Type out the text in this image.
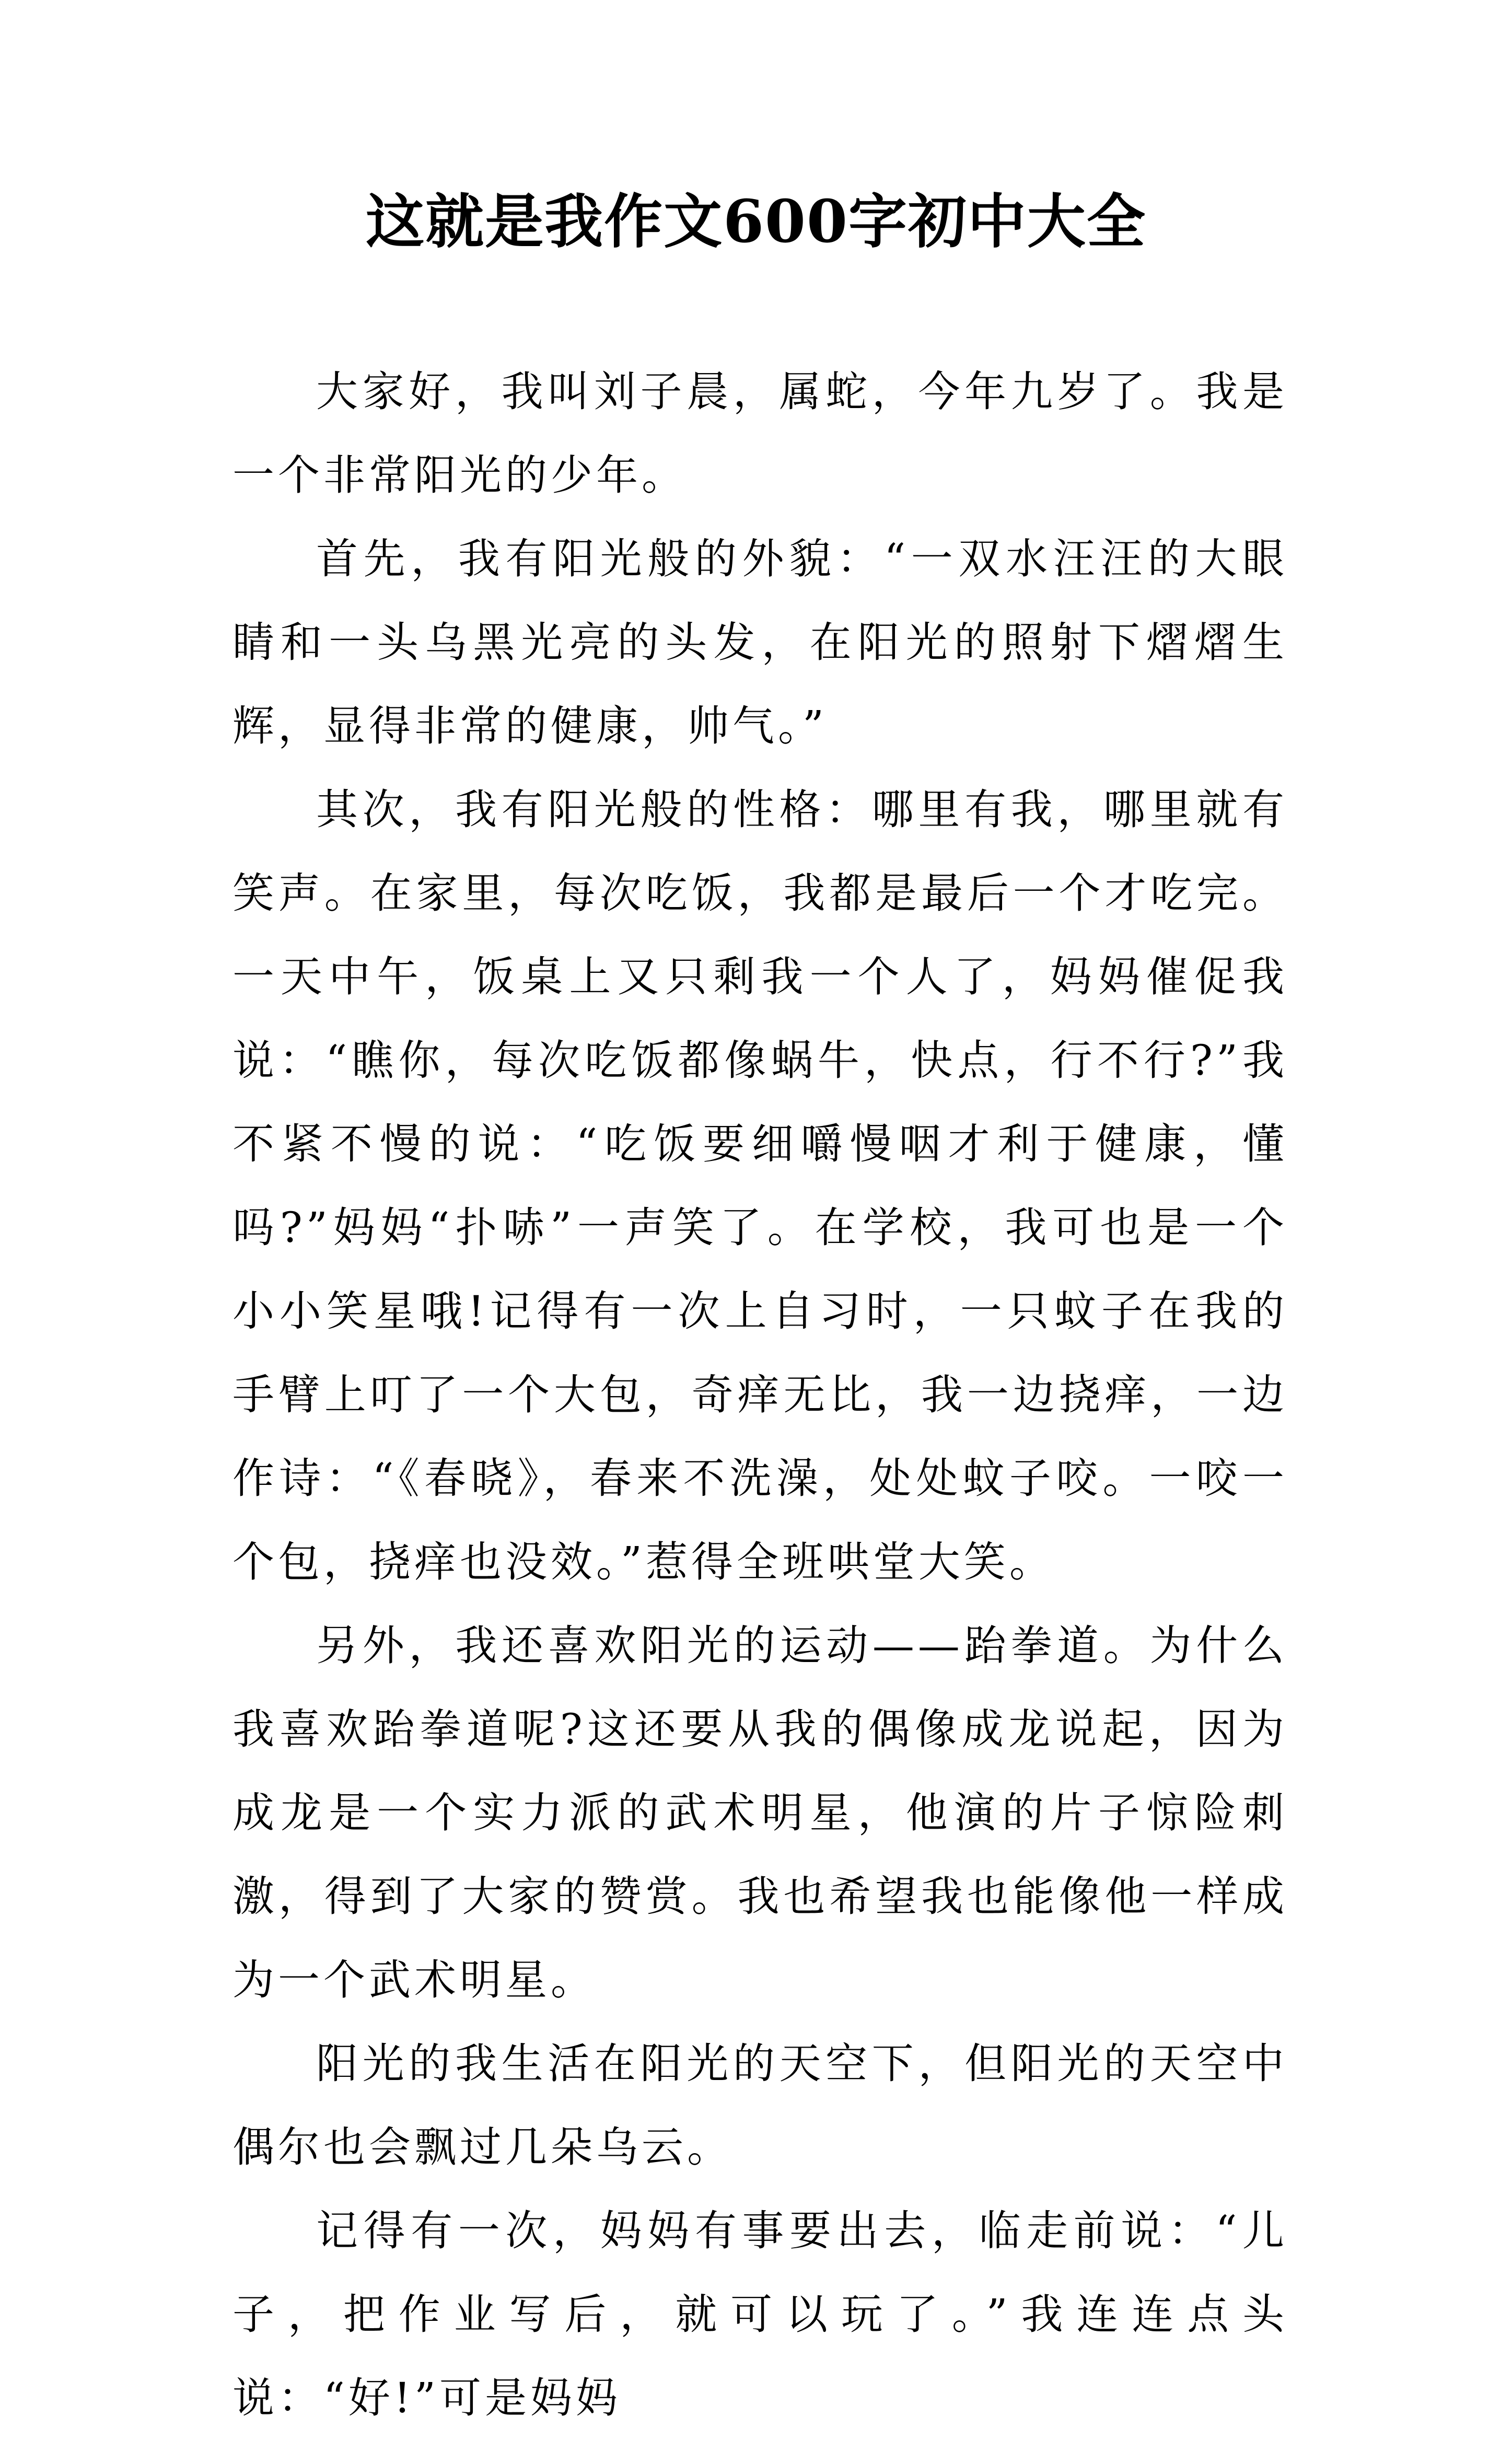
这就是我作文600字初中大全

大家好，我叫刘子晨，属蛇，今年九岁了。我是一个非常阳光的少年。

首先，我有阳光般的外貌：“一双水汪汪的大眼睛和一头乌黑光亮的头发，在阳光的照射下熠熠生辉，显得非常的健康，帅气。”

其次，我有阳光般的性格：哪里有我，哪里就有笑声。在家里，每次吃饭，我都是最后一个才吃完。一天中午，饭桌上又只剩我一个人了，妈妈催促我说：“瞧你，每次吃饭都像蜗牛，快点，行不行?”我不紧不慢的说：“吃饭要细嚼慢咽才利于健康，懂吗?”妈妈“扑哧”一声笑了。在学校，我可也是一个小小笑星哦!记得有一次上自习时，一只蚊子在我的手臂上叮了一个大包，奇痒无比，我一边挠痒，一边作诗：“《春晓》，春来不洗澡，处处蚊子咬。一咬一个包，挠痒也没效。”惹得全班哄堂大笑。

另外，我还喜欢阳光的运动——跆拳道。为什么我喜欢跆拳道呢?这还要从我的偶像成龙说起，因为成龙是一个实力派的武术明星，他演的片子惊险刺激，得到了大家的赞赏。我也希望我也能像他一样成为一个武术明星。

阳光的我生活在阳光的天空下，但阳光的天空中偶尔也会飘过几朵乌云。

记得有一次，妈妈有事要出去，临走前说：“儿子，把作业写后，就可以玩了。”我连连点头说：“好!”可是妈妈
